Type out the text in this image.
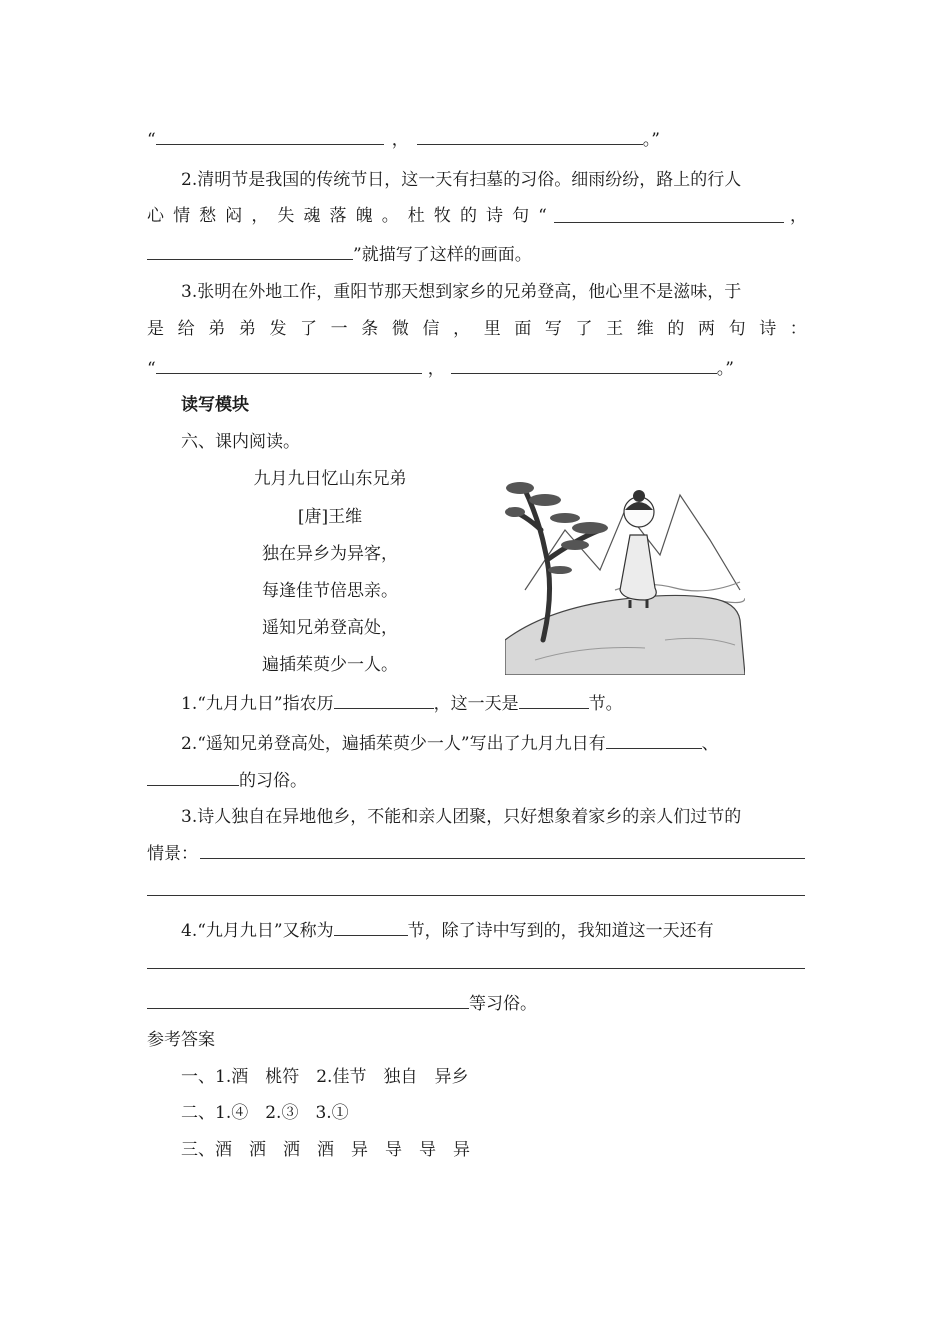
“	，	。”
2.清明节是我国的传统节日，这一天有扫墓的习俗。细雨纷纷，路上的行人
心 情 愁 闷 ， 失 魂 落 魄 。 杜 牧 的 诗 句 “	，
”就描写了这样的画面。
3.张明在外地工作，重阳节那天想到家乡的兄弟登高，他心里不是滋味，于
是 给 弟 弟 发 了 一 条 微 信 ， 里 面 写 了 王 维 的 两 句 诗 ：
“	，	。”
读写模块
六、课内阅读。
九月九日忆山东兄弟
[唐]王维
独在异乡为异客，
每逢佳节倍思亲。
遥知兄弟登高处，
遍插茱萸少一人。
1.“九月九日”指农历	，这一天是	节。
2.“遥知兄弟登高处，遍插茱萸少一人”写出了九月九日有	、
的习俗。
3.诗人独自在异地他乡，不能和亲人团聚，只好想象着家乡的亲人们过节的
情景：
4.“九月九日”又称为	节，除了诗中写到的，我知道这一天还有
等习俗。
参考答案
一、1.酒　桃符　2.佳节　独自　异乡
二、1.④　2.③　3.①
三、酒　洒　洒　酒　异　导　导　异
